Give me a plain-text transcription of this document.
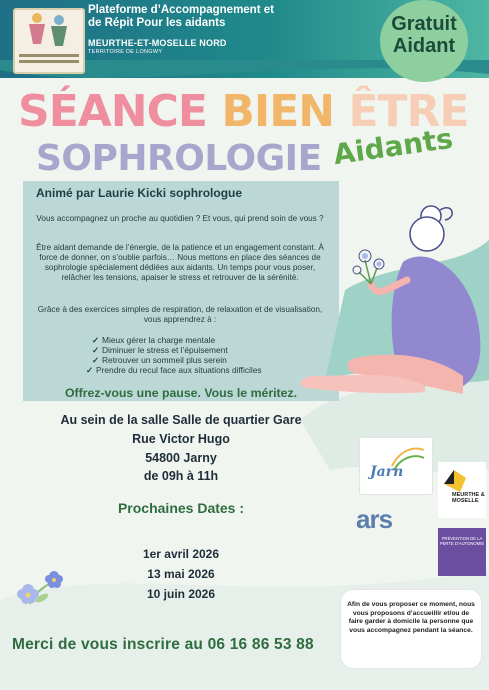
Plateforme d’Accompagnement et de Répit Pour les aidants
MEURTHE-ET-MOSELLE NORD
TERRITOIRE DE LONGWY
Gratuit
Aidant
SÉANCE BIEN ÊTRE
SOPHROLOGIE Aidants
Animé par Laurie Kicki sophrologue
Vous accompagnez un proche au quotidien ? Et vous, qui prend soin de vous ?
Être aidant demande de l’énergie, de la patience et un engagement constant. À force de donner, on s’oublie parfois… Nous mettons en place des séances de sophrologie spécialement dédiées aux aidants. Un temps pour vous poser, relâcher les tensions, apaiser le stress et retrouver de la sérénité.
Grâce à des exercices simples de respiration, de relaxation et de visualisation, vous apprendrez à :
✓ Mieux gérer la charge mentale
✓ Diminuer le stress et l’épuisement
✓ Retrouver un sommeil plus serein
✓ Prendre du recul face aux situations difficiles
Offrez-vous une pause. Vous le méritez.
Au sein de la salle Salle de quartier Gare
Rue Victor Hugo
54800 Jarny
de 09h à 11h
Prochaines Dates :
1er avril 2026
13 mai 2026
10 juin 2026
Merci de vous inscrire au 06 16 86 53 88
Jarn
MEURTHE & MOSELLE
ars
PRÉVENTION DE LA PERTE D’AUTONOMIE
Afin de vous proposer ce moment, nous vous proposons d’accueillir et/ou de faire garder à domicile la personne que vous accompagnez pendant la séance.
